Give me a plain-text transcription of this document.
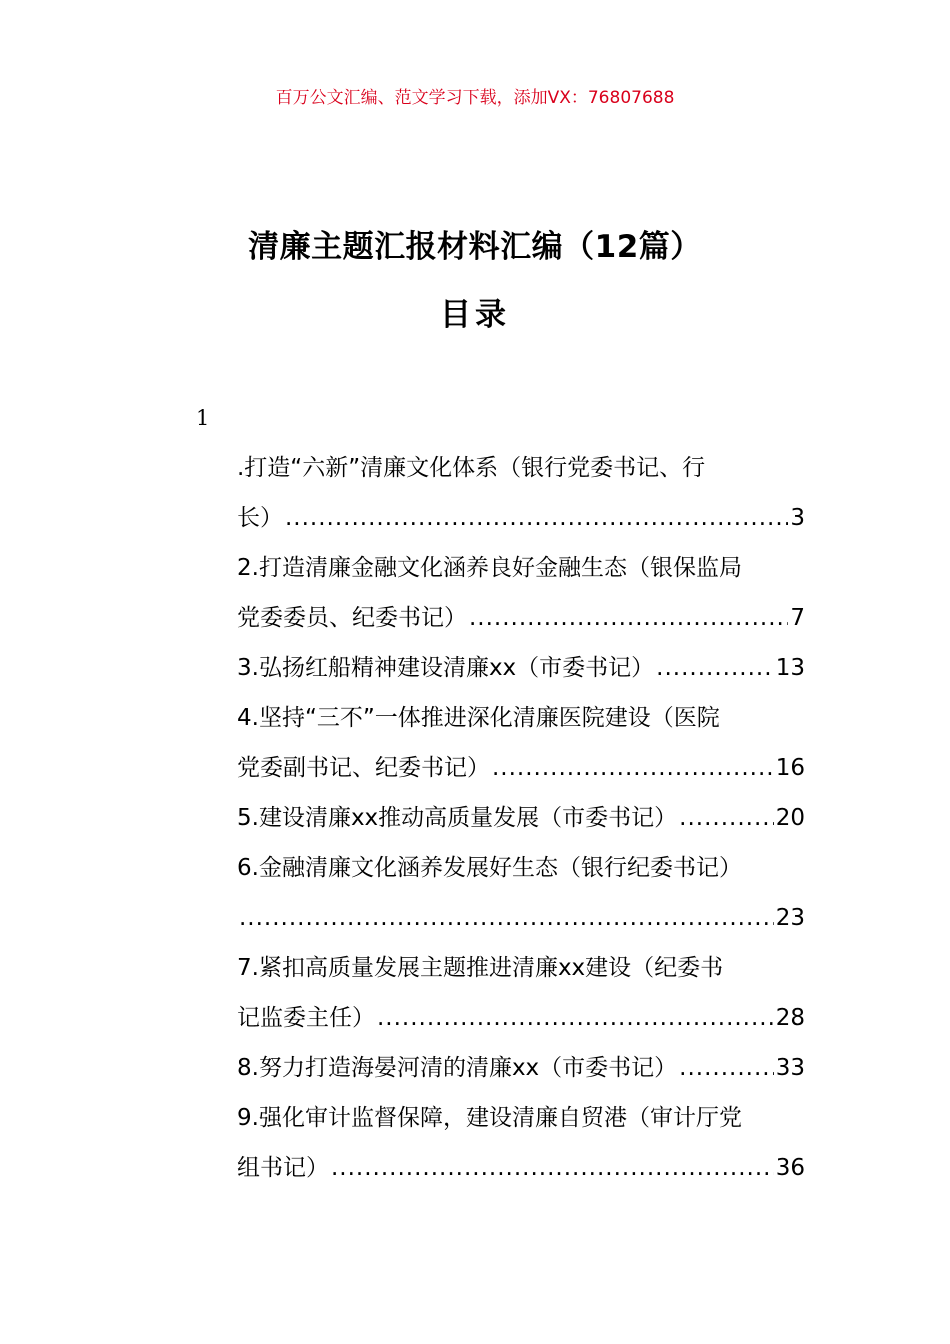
百万公文汇编、范文学习下载，添加VX：76807688
清廉主题汇报材料汇编（12篇）
目录
1
.打造“六新”清廉文化体系（银行党委书记、行
长） .....	3
2.打造清廉金融文化涵养良好金融生态（银保监局
党委委员、纪委书记） .....	7
3.弘扬红船精神建设清廉xx（市委书记） .....	13
4.坚持“三不”一体推进深化清廉医院建设（医院
党委副书记、纪委书记） .....	16
5.建设清廉xx推动高质量发展（市委书记） .....	20
6.金融清廉文化涵养发展好生态（银行纪委书记）
.....
23
7.紧扣高质量发展主题推进清廉xx建设（纪委书
记监委主任） .....	28
8.努力打造海晏河清的清廉xx（市委书记） .....	33
9.强化审计监督保障，建设清廉自贸港（审计厅党
组书记） .....	36
